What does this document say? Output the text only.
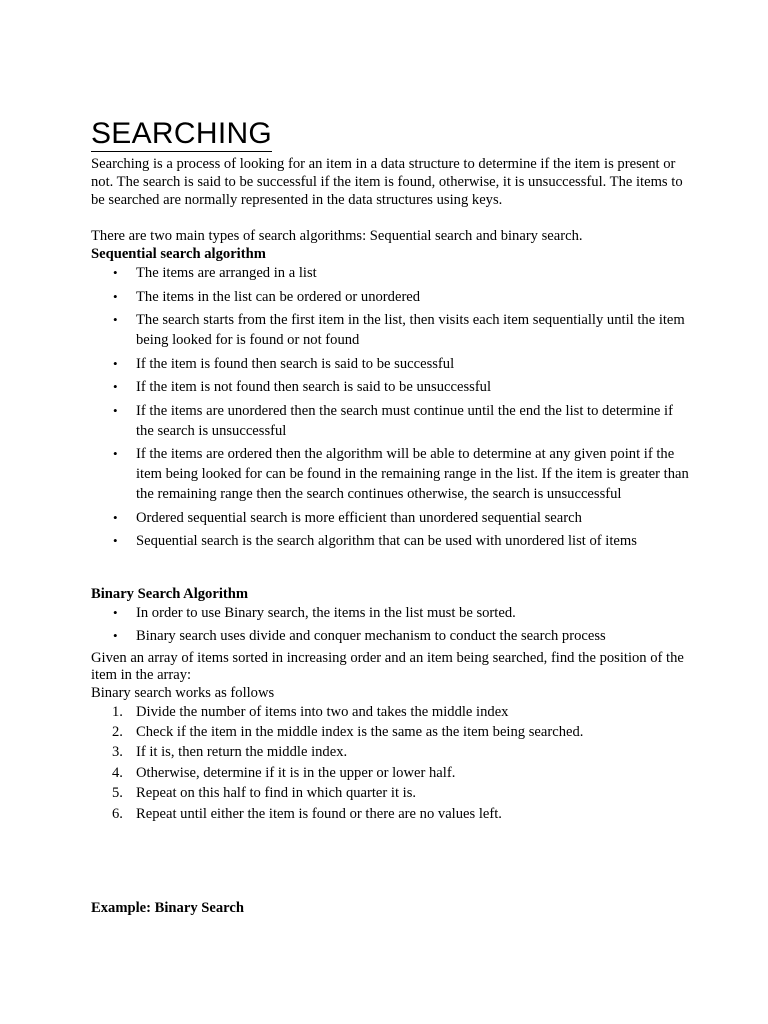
SEARCHING

Searching is a process of looking for an item in a data structure to determine if the item is present or not. The search is said to be successful if the item is found, otherwise, it is unsuccessful. The items to be searched are normally represented in the data structures using keys.

There are two main types of search algorithms: Sequential search and binary search.

Sequential search algorithm

• The items are arranged in a list
• The items in the list can be ordered or unordered
• The search starts from the first item in the list, then visits each item sequentially until the item being looked for is found or not found
• If the item is found then search is said to be successful
• If the item is not found then search is said to be unsuccessful
• If the items are unordered then the search must continue until the end the list to determine if the search is unsuccessful
• If the items are ordered then the algorithm will be able to determine at any given point if the item being looked for can be found in the remaining range in the list. If the item is greater than the remaining range then the search continues otherwise, the search is unsuccessful
• Ordered sequential search is more efficient than unordered sequential search
• Sequential search is the search algorithm that can be used with unordered list of items

Binary Search Algorithm

• In order to use Binary search, the items in the list must be sorted.
• Binary search uses divide and conquer mechanism to conduct the search process

Given an array of items sorted in increasing order and an item being searched, find the position of the item in the array:

Binary search works as follows

1. Divide the number of items into two and takes the middle index
2. Check if the item in the middle index is the same as the item being searched.
3. If it is, then return the middle index.
4. Otherwise, determine if it is in the upper or lower half.
5. Repeat on this half to find in which quarter it is.
6. Repeat until either the item is found or there are no values left.

Example: Binary Search
